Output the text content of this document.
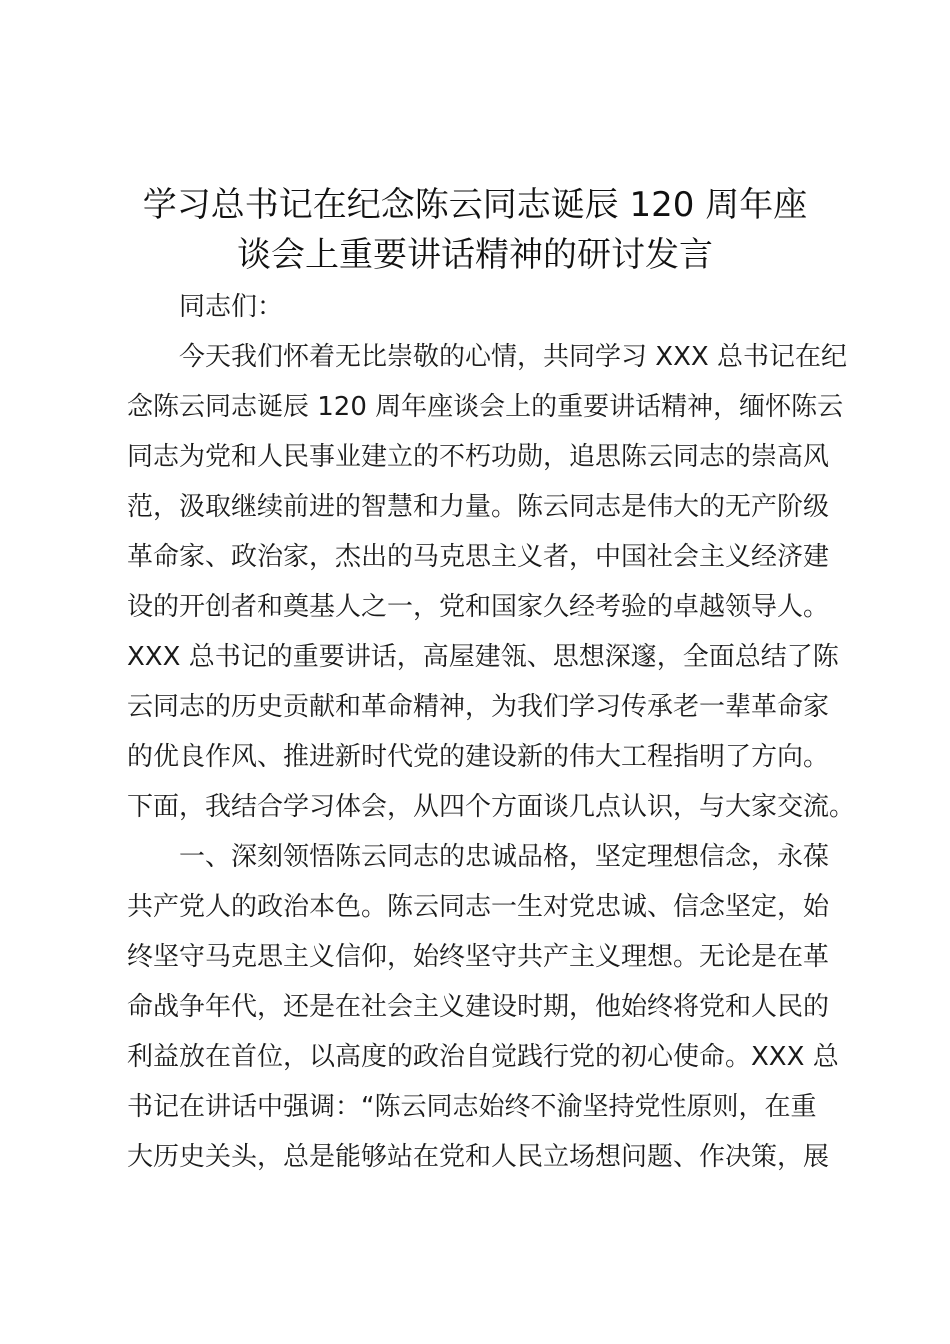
学习总书记在纪念陈云同志诞辰 120 周年座
谈会上重要讲话精神的研讨发言
同志们：
今天我们怀着无比崇敬的心情，共同学习 XXX 总书记在纪
念陈云同志诞辰 120 周年座谈会上的重要讲话精神，缅怀陈云
同志为党和人民事业建立的不朽功勋，追思陈云同志的崇高风
范，汲取继续前进的智慧和力量。陈云同志是伟大的无产阶级
革命家、政治家，杰出的马克思主义者，中国社会主义经济建
设的开创者和奠基人之一，党和国家久经考验的卓越领导人。
XXX 总书记的重要讲话，高屋建瓴、思想深邃，全面总结了陈
云同志的历史贡献和革命精神，为我们学习传承老一辈革命家
的优良作风、推进新时代党的建设新的伟大工程指明了方向。
下面，我结合学习体会，从四个方面谈几点认识，与大家交流。
一、深刻领悟陈云同志的忠诚品格，坚定理想信念，永葆
共产党人的政治本色。陈云同志一生对党忠诚、信念坚定，始
终坚守马克思主义信仰，始终坚守共产主义理想。无论是在革
命战争年代，还是在社会主义建设时期，他始终将党和人民的
利益放在首位，以高度的政治自觉践行党的初心使命。XXX 总
书记在讲话中强调：“陈云同志始终不渝坚持党性原则，在重
大历史关头，总是能够站在党和人民立场想问题、作决策，展
